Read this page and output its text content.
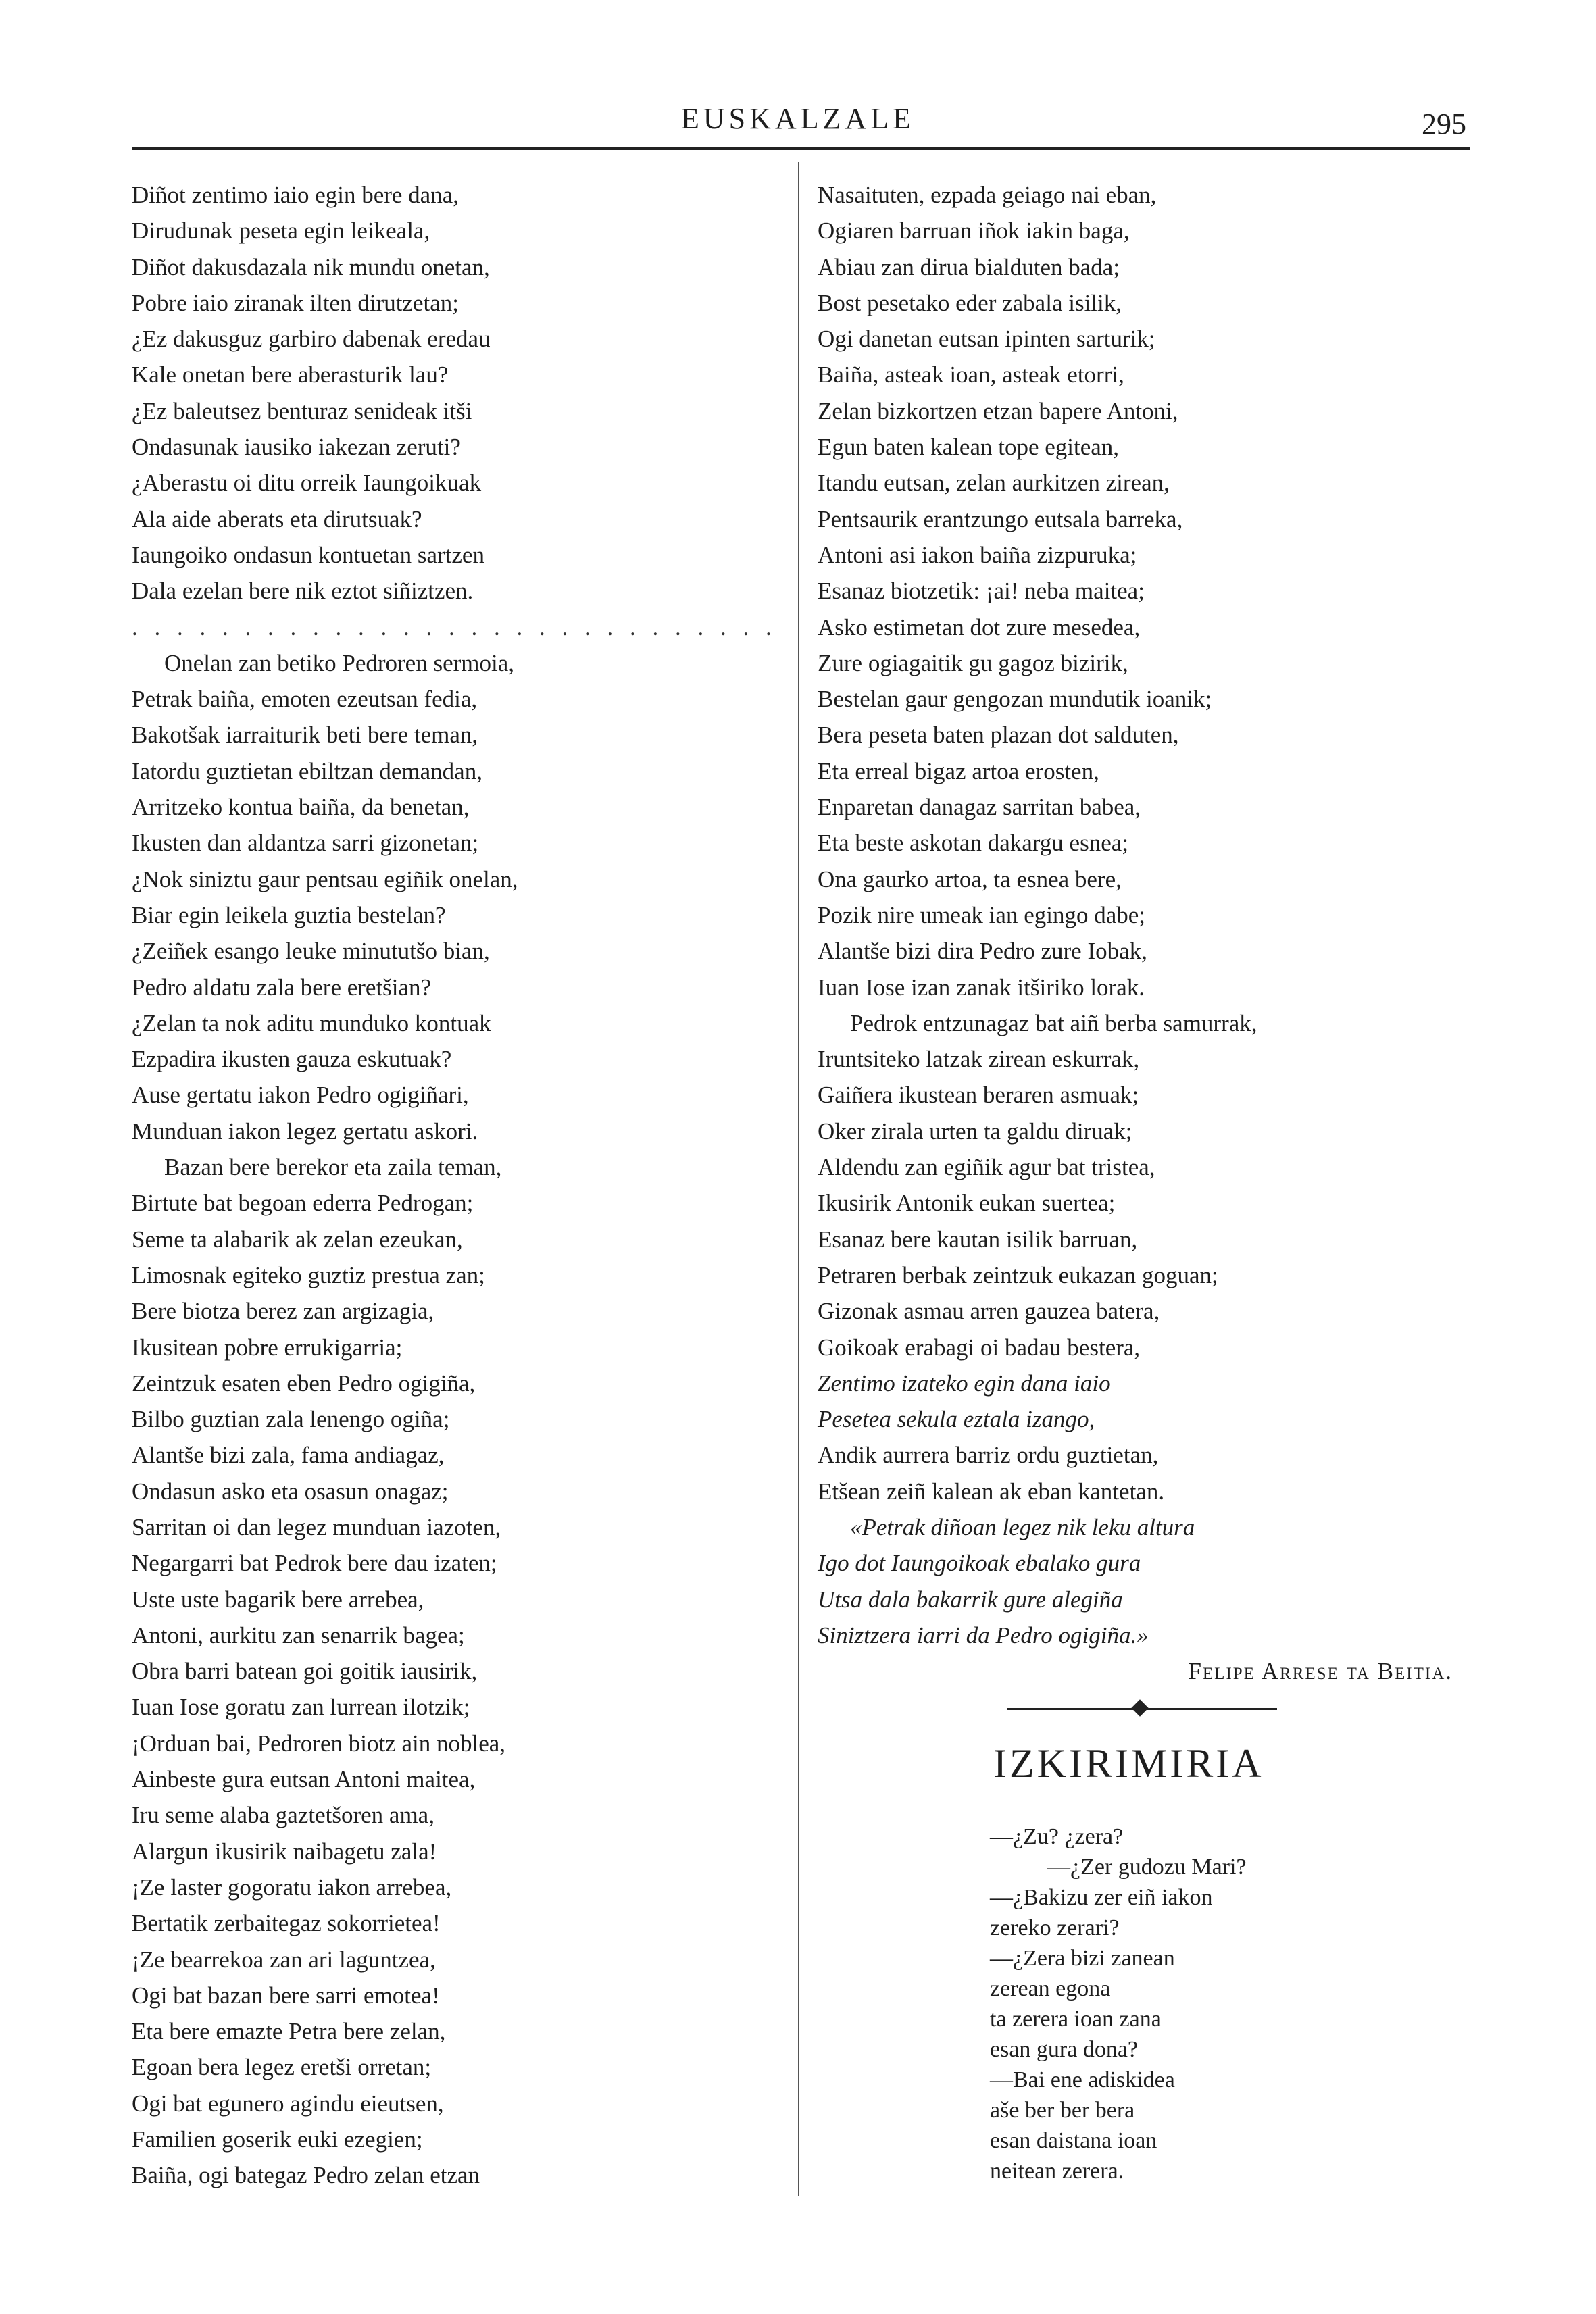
EUSKALZALE	295
Diñot zentimo iaio egin bere dana,
Dirudunak peseta egin leikeala,
Diñot dakusdazala nik mundu onetan,
Pobre iaio ziranak ilten dirutzetan;
¿Ez dakusguz garbiro dabenak eredau
Kale onetan bere aberasturik lau?
¿Ez baleutsez benturaz senideak itši
Ondasunak iausiko iakezan zeruti?
¿Aberastu oi ditu orreik Iaungoikuak
Ala aide aberats eta dirutsuak?
Iaungoiko ondasun kontuetan sartzen
Dala ezelan bere nik eztot siñiztzen.
. . . . . . . . . . . . . . . . . . . . . . . . . . . . .
Onelan zan betiko Pedroren sermoia,
Petrak baiña, emoten ezeutsan fedia,
Bakotšak iarraiturik beti bere teman,
Iatordu guztietan ebiltzan demandan,
Arritzeko kontua baiña, da benetan,
Ikusten dan aldantza sarri gizonetan;
¿Nok siniztu gaur pentsau egiñik onelan,
Biar egin leikela guztia bestelan?
¿Zeiñek esango leuke minututšo bian,
Pedro aldatu zala bere eretšian?
¿Zelan ta nok aditu munduko kontuak
Ezpadira ikusten gauza eskutuak?
Ause gertatu iakon Pedro ogigiñari,
Munduan iakon legez gertatu askori.
Bazan bere berekor eta zaila teman,
Birtute bat begoan ederra Pedrogan;
Seme ta alabarik ak zelan ezeukan,
Limosnak egiteko guztiz prestua zan;
Bere biotza berez zan argizagia,
Ikusitean pobre errukigarria;
Zeintzuk esaten eben Pedro ogigiña,
Bilbo guztian zala lenengo ogiña;
Alantše bizi zala, fama andiagaz,
Ondasun asko eta osasun onagaz;
Sarritan oi dan legez munduan iazoten,
Negargarri bat Pedrok bere dau izaten;
Uste uste bagarik bere arrebea,
Antoni, aurkitu zan senarrik bagea;
Obra barri batean goi goitik iausirik,
Iuan Iose goratu zan lurrean ilotzik;
¡Orduan bai, Pedroren biotz ain noblea,
Ainbeste gura eutsan Antoni maitea,
Iru seme alaba gaztetšoren ama,
Alargun ikusirik naibagetu zala!
¡Ze laster gogoratu iakon arrebea,
Bertatik zerbaitegaz sokorrietea!
¡Ze bearrekoa zan ari laguntzea,
Ogi bat bazan bere sarri emotea!
Eta bere emazte Petra bere zelan,
Egoan bera legez eretši orretan;
Ogi bat egunero agindu eieutsen,
Familien goserik euki ezegien;
Baiña, ogi bategaz Pedro zelan etzan
Nasaituten, ezpada geiago nai eban,
Ogiaren barruan iñok iakin baga,
Abiau zan dirua bialduten bada;
Bost pesetako eder zabala isilik,
Ogi danetan eutsan ipinten sarturik;
Baiña, asteak ioan, asteak etorri,
Zelan bizkortzen etzan bapere Antoni,
Egun baten kalean tope egitean,
Itandu eutsan, zelan aurkitzen zirean,
Pentsaurik erantzungo eutsala barreka,
Antoni asi iakon baiña zizpuruka;
Esanaz biotzetik: ¡ai! neba maitea;
Asko estimetan dot zure mesedea,
Zure ogiagaitik gu gagoz bizirik,
Bestelan gaur gengozan mundutik ioanik;
Bera peseta baten plazan dot salduten,
Eta erreal bigaz artoa erosten,
Enparetan danagaz sarritan babea,
Eta beste askotan dakargu esnea;
Ona gaurko artoa, ta esnea bere,
Pozik nire umeak ian egingo dabe;
Alantše bizi dira Pedro zure Iobak,
Iuan Iose izan zanak itširiko lorak.
Pedrok entzunagaz bat aiñ berba samurrak,
Iruntsiteko latzak zirean eskurrak,
Gaiñera ikustean beraren asmuak;
Oker zirala urten ta galdu diruak;
Aldendu zan egiñik agur bat tristea,
Ikusirik Antonik eukan suertea;
Esanaz bere kautan isilik barruan,
Petraren berbak zeintzuk eukazan goguan;
Gizonak asmau arren gauzea batera,
Goikoak erabagi oi badau bestera,
Zentimo izateko egin dana iaio
Pesetea sekula eztala izango,
Andik aurrera barriz ordu guztietan,
Etšean zeiñ kalean ak eban kantetan.
«Petrak diñoan legez nik leku altura
Igo dot Iaungoikoak ebalako gura
Utsa dala bakarrik gure alegiña
Siniztzera iarri da Pedro ogigiña.»
Felipe Arrese ta Beitia.
IZKIRIMIRIA
—¿Zu? ¿zera?
—¿Zer gudozu Mari?
—¿Bakizu zer eiñ iakon
zereko zerari?
—¿Zera bizi zanean
zerean egona
ta zerera ioan zana
esan gura dona?
—Bai ene adiskidea
aše ber ber bera
esan daistana ioan
neitean zerera.
